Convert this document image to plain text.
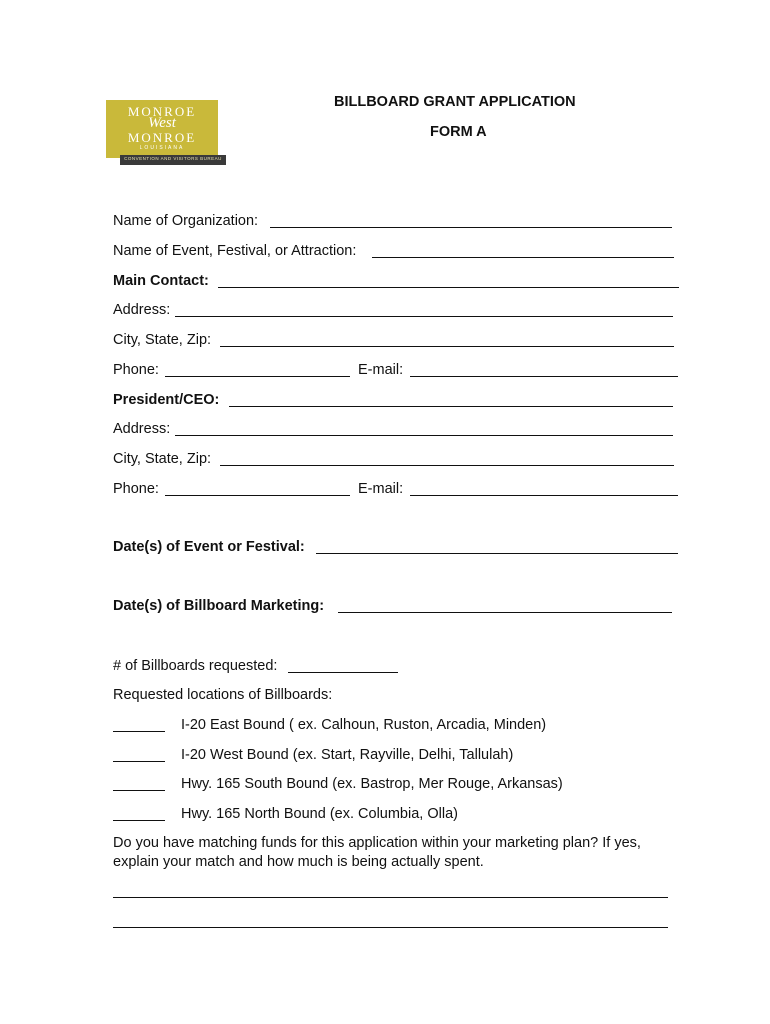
MONROE
West
MONROE
LOUISIANA
CONVENTION AND VISITORS BUREAU
BILLBOARD GRANT APPLICATION
FORM A
Name of Organization:
Name of Event, Festival, or Attraction:
Main Contact:
Address:
City, State, Zip:
Phone:	E-mail:
President/CEO:
Address:
City, State, Zip:
Phone:	E-mail:
Date(s) of Event or Festival:
Date(s) of Billboard Marketing:
# of Billboards requested:
Requested locations of Billboards:
I-20 East Bound ( ex. Calhoun, Ruston, Arcadia, Minden)
I-20 West Bound (ex. Start, Rayville, Delhi, Tallulah)
Hwy. 165 South Bound (ex. Bastrop, Mer Rouge, Arkansas)
Hwy. 165 North Bound (ex. Columbia, Olla)
Do you have matching funds for this application within your marketing plan? If yes,
explain your match and how much is being actually spent.
